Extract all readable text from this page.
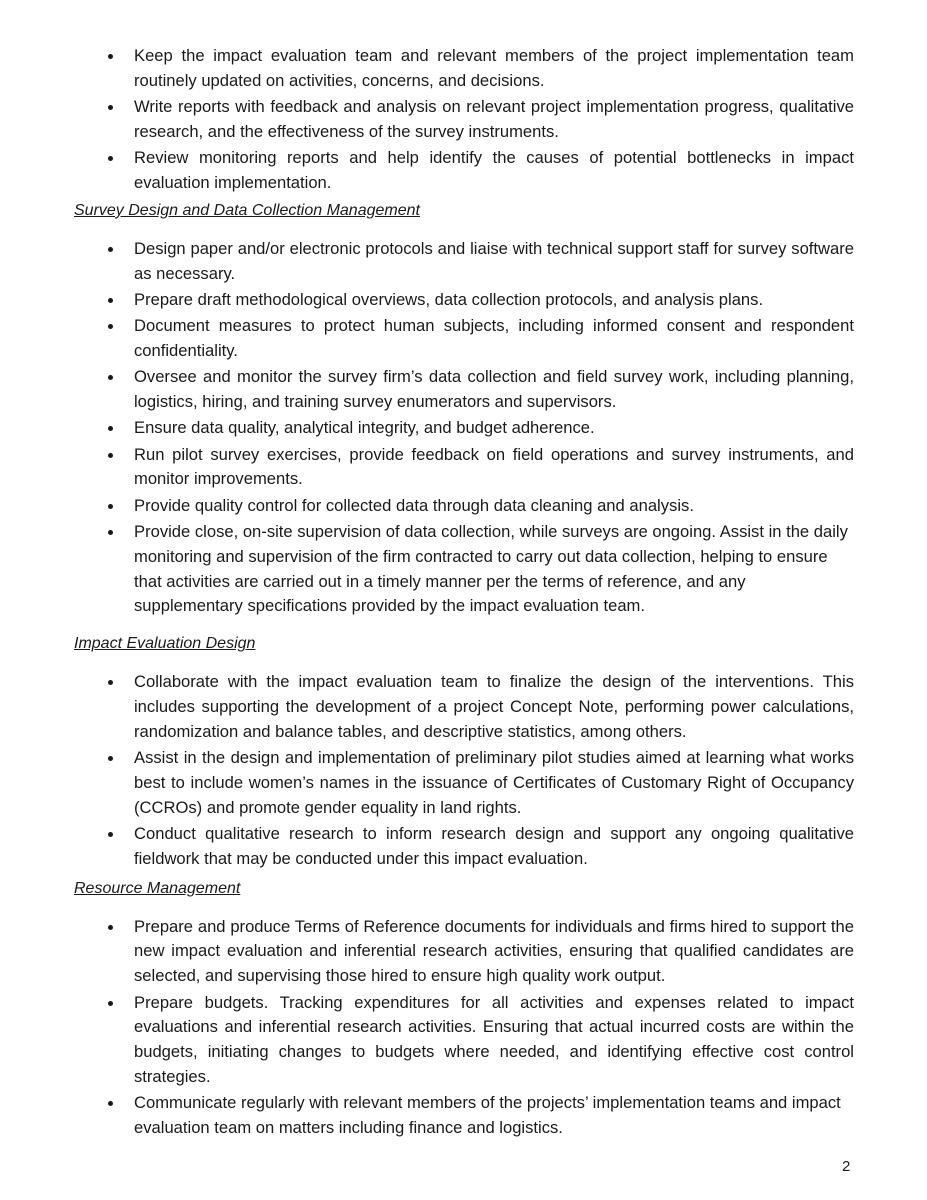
Keep the impact evaluation team and relevant members of the project implementation team routinely updated on activities, concerns, and decisions.
Write reports with feedback and analysis on relevant project implementation progress, qualitative research, and the effectiveness of the survey instruments.
Review monitoring reports and help identify the causes of potential bottlenecks in impact evaluation implementation.

Survey Design and Data Collection Management

Design paper and/or electronic protocols and liaise with technical support staff for survey software as necessary.
Prepare draft methodological overviews, data collection protocols, and analysis plans.
Document measures to protect human subjects, including informed consent and respondent confidentiality.
Oversee and monitor the survey firm’s data collection and field survey work, including planning, logistics, hiring, and training survey enumerators and supervisors.
Ensure data quality, analytical integrity, and budget adherence.
Run pilot survey exercises, provide feedback on field operations and survey instruments, and monitor improvements.
Provide quality control for collected data through data cleaning and analysis.
Provide close, on-site supervision of data collection, while surveys are ongoing. Assist in the daily monitoring and supervision of the firm contracted to carry out data collection, helping to ensure that activities are carried out in a timely manner per the terms of reference, and any supplementary specifications provided by the impact evaluation team.

Impact Evaluation Design

Collaborate with the impact evaluation team to finalize the design of the interventions. This includes supporting the development of a project Concept Note, performing power calculations, randomization and balance tables, and descriptive statistics, among others.
Assist in the design and implementation of preliminary pilot studies aimed at learning what works best to include women’s names in the issuance of Certificates of Customary Right of Occupancy (CCROs) and promote gender equality in land rights.
Conduct qualitative research to inform research design and support any ongoing qualitative fieldwork that may be conducted under this impact evaluation.

Resource Management

Prepare and produce Terms of Reference documents for individuals and firms hired to support the new impact evaluation and inferential research activities, ensuring that qualified candidates are selected, and supervising those hired to ensure high quality work output.
Prepare budgets. Tracking expenditures for all activities and expenses related to impact evaluations and inferential research activities. Ensuring that actual incurred costs are within the budgets, initiating changes to budgets where needed, and identifying effective cost control strategies.
Communicate regularly with relevant members of the projects’ implementation teams and impact evaluation team on matters including finance and logistics.
2
